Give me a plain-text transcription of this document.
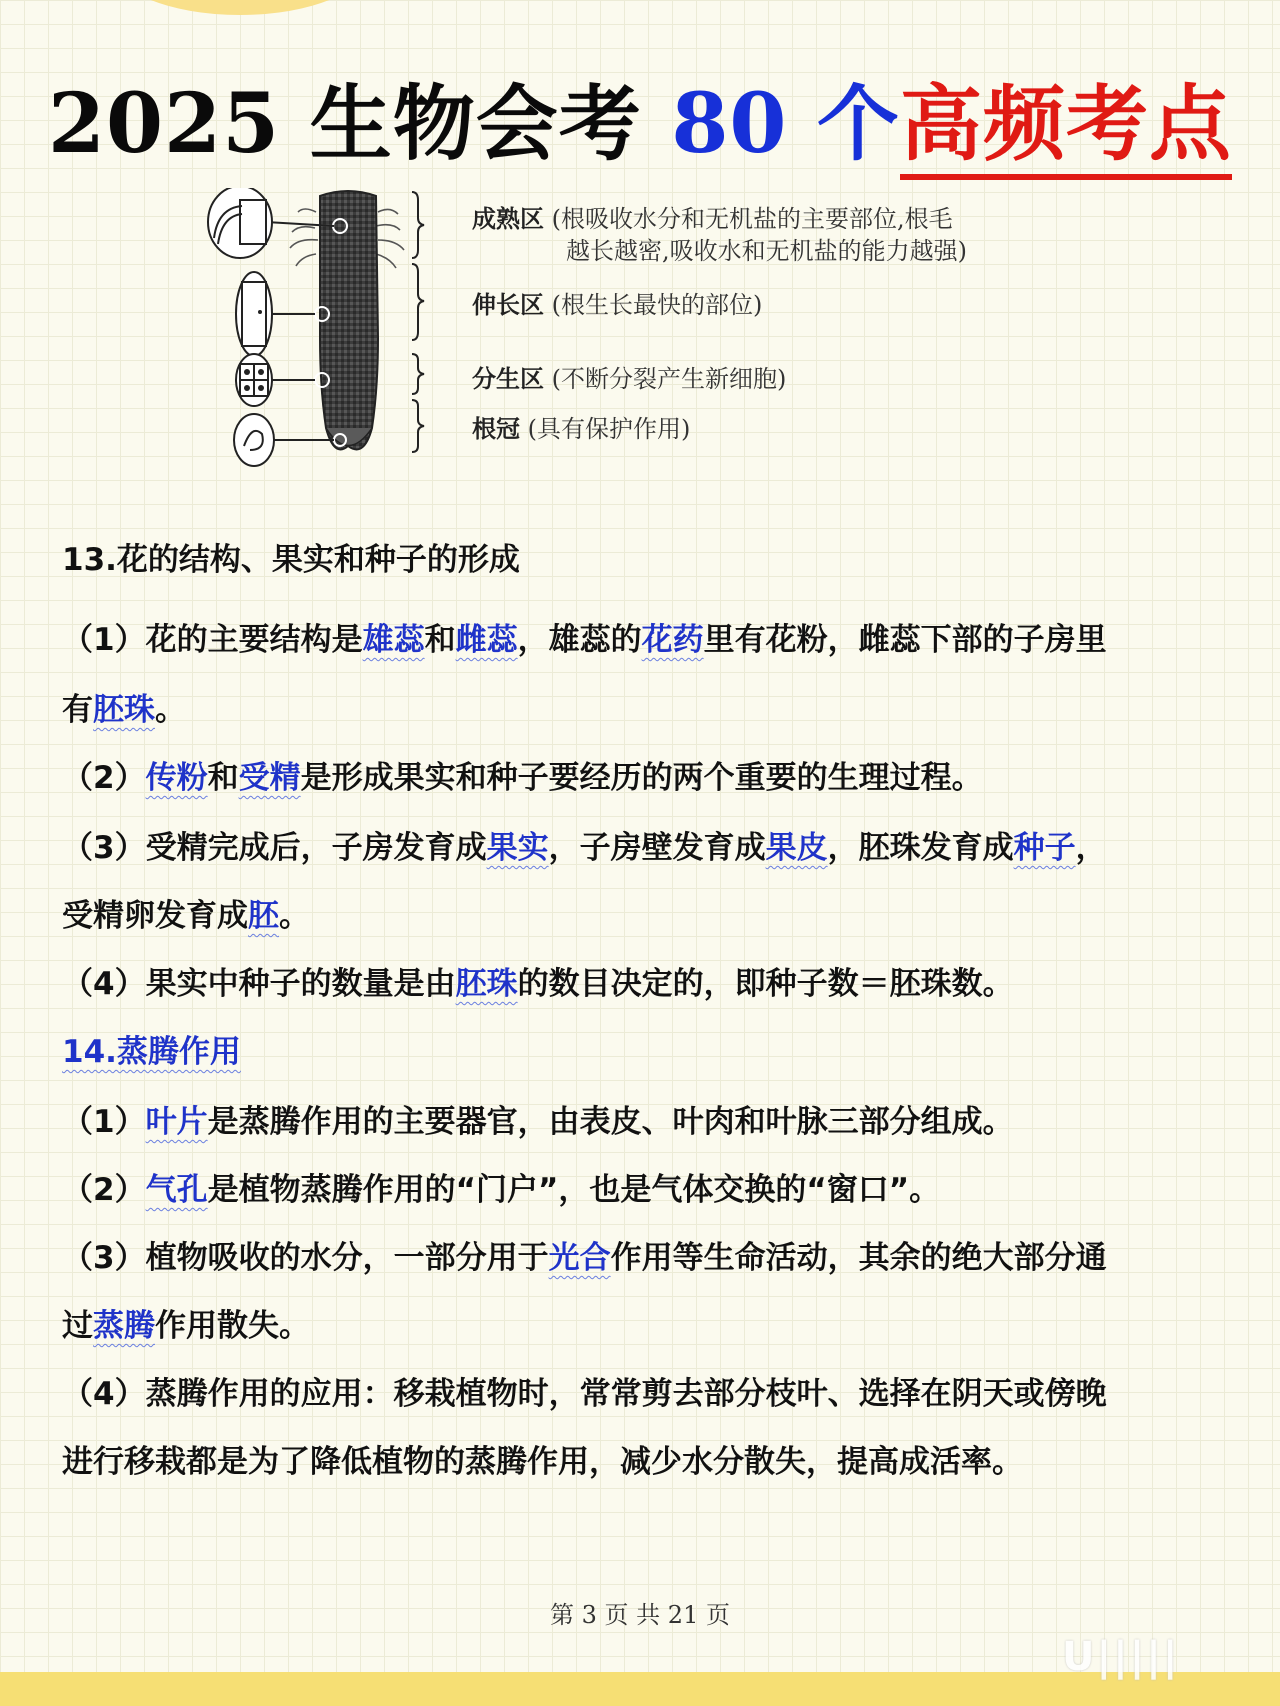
2025 生物会考 80 个高频考点
成熟区 (根吸收水分和无机盐的主要部位,根毛
越长越密,吸收水和无机盐的能力越强)
伸长区 (根生长最快的部位)
分生区 (不断分裂产生新细胞)
根冠 (具有保护作用)
13.花的结构、果实和种子的形成
（1）花的主要结构是雄蕊和雌蕊，雄蕊的花药里有花粉，雌蕊下部的子房里
有胚珠。
（2）传粉和受精是形成果实和种子要经历的两个重要的生理过程。
（3）受精完成后，子房发育成果实，子房壁发育成果皮，胚珠发育成种子，
受精卵发育成胚。
（4）果实中种子的数量是由胚珠的数目决定的，即种子数＝胚珠数。
14.蒸腾作用
（1）叶片是蒸腾作用的主要器官，由表皮、叶肉和叶脉三部分组成。
（2）气孔是植物蒸腾作用的“门户”，也是气体交换的“窗口”。
（3）植物吸收的水分，一部分用于光合作用等生命活动，其余的绝大部分通
过蒸腾作用散失。
（4）蒸腾作用的应用：移栽植物时，常常剪去部分枝叶、选择在阴天或傍晚
进行移栽都是为了降低植物的蒸腾作用，减少水分散失，提高成活率。
第 3 页 共 21 页
U|||||
